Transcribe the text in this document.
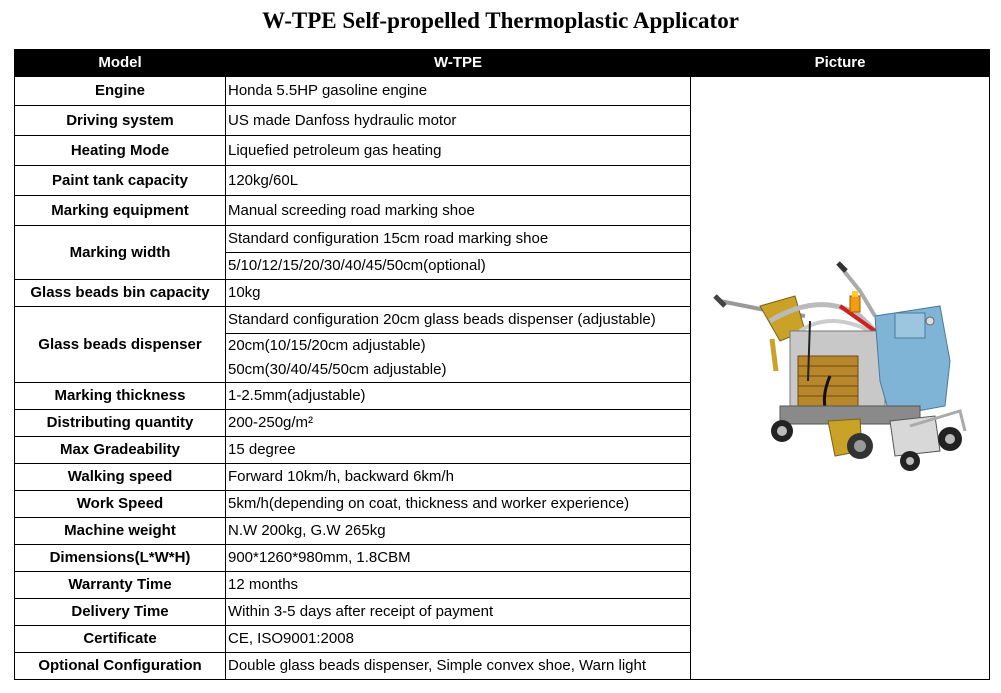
W-TPE Self-propelled Thermoplastic Applicator
Model	W-TPE	Picture
Engine	Honda 5.5HP gasoline engine	
Driving system	US made Danfoss hydraulic motor	
Heating Mode	Liquefied petroleum gas heating	
Paint tank capacity	120kg/60L	
Marking equipment	Manual screeding road marking shoe	
Marking width	Standard configuration 15cm road marking shoe	
	5/10/12/15/20/30/40/45/50cm(optional)	
Glass beads bin capacity	10kg	
Glass beads dispenser	Standard configuration 20cm glass beads dispenser (adjustable)	
	20cm(10/15/20cm adjustable)	
	50cm(30/40/45/50cm adjustable)	
Marking thickness	1-2.5mm(adjustable)	
Distributing quantity	200-250g/m²	
Max Gradeability	15 degree	
Walking speed	Forward 10km/h, backward 6km/h	
Work Speed	5km/h(depending on coat, thickness and worker experience)	
Machine weight	N.W 200kg, G.W 265kg	
Dimensions(L*W*H)	900*1260*980mm, 1.8CBM	
Warranty Time	12 months	
Delivery Time	Within 3-5 days after receipt of payment	
Certificate	CE, ISO9001:2008	
Optional Configuration	Double glass beads dispenser, Simple convex shoe, Warn light	
